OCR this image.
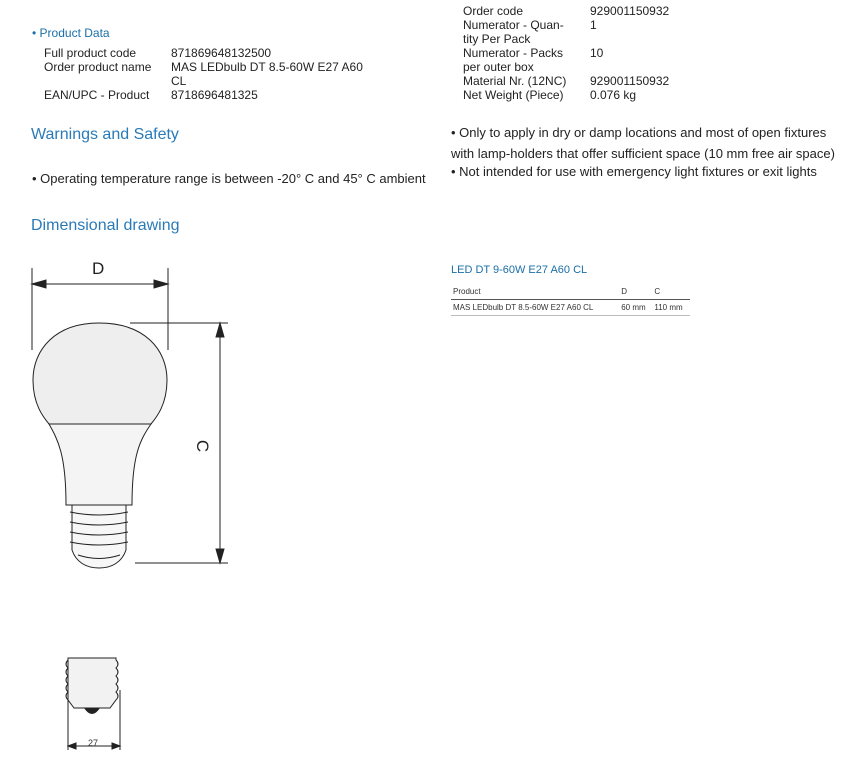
• Product Data
Full product code	871869648132500
Order product name MAS LEDbulb DT 8.5-60W E27 A60
CL
EAN/UPC - Product 8718696481325
Order code	929001150932
Numerator - Quan-
tity Per Pack
1
Numerator - Packs
per outer box
10
Material Nr. (12NC) 929001150932
Net Weight (Piece) 0.076 kg
Warnings and Safety
• Operating temperature range is between -20° C and 45° C ambient
• Only to apply in dry or damp locations and most of open fixtures
with lamp-holders that offer sufficient space (10 mm free air space)
• Not intended for use with emergency light fixtures or exit lights
Dimensional drawing
D
C
27
LED DT 9-60W E27 A60 CL
Product	D	C
MAS LEDbulb DT 8.5-60W E27 A60 CL	60 mm	110 mm
